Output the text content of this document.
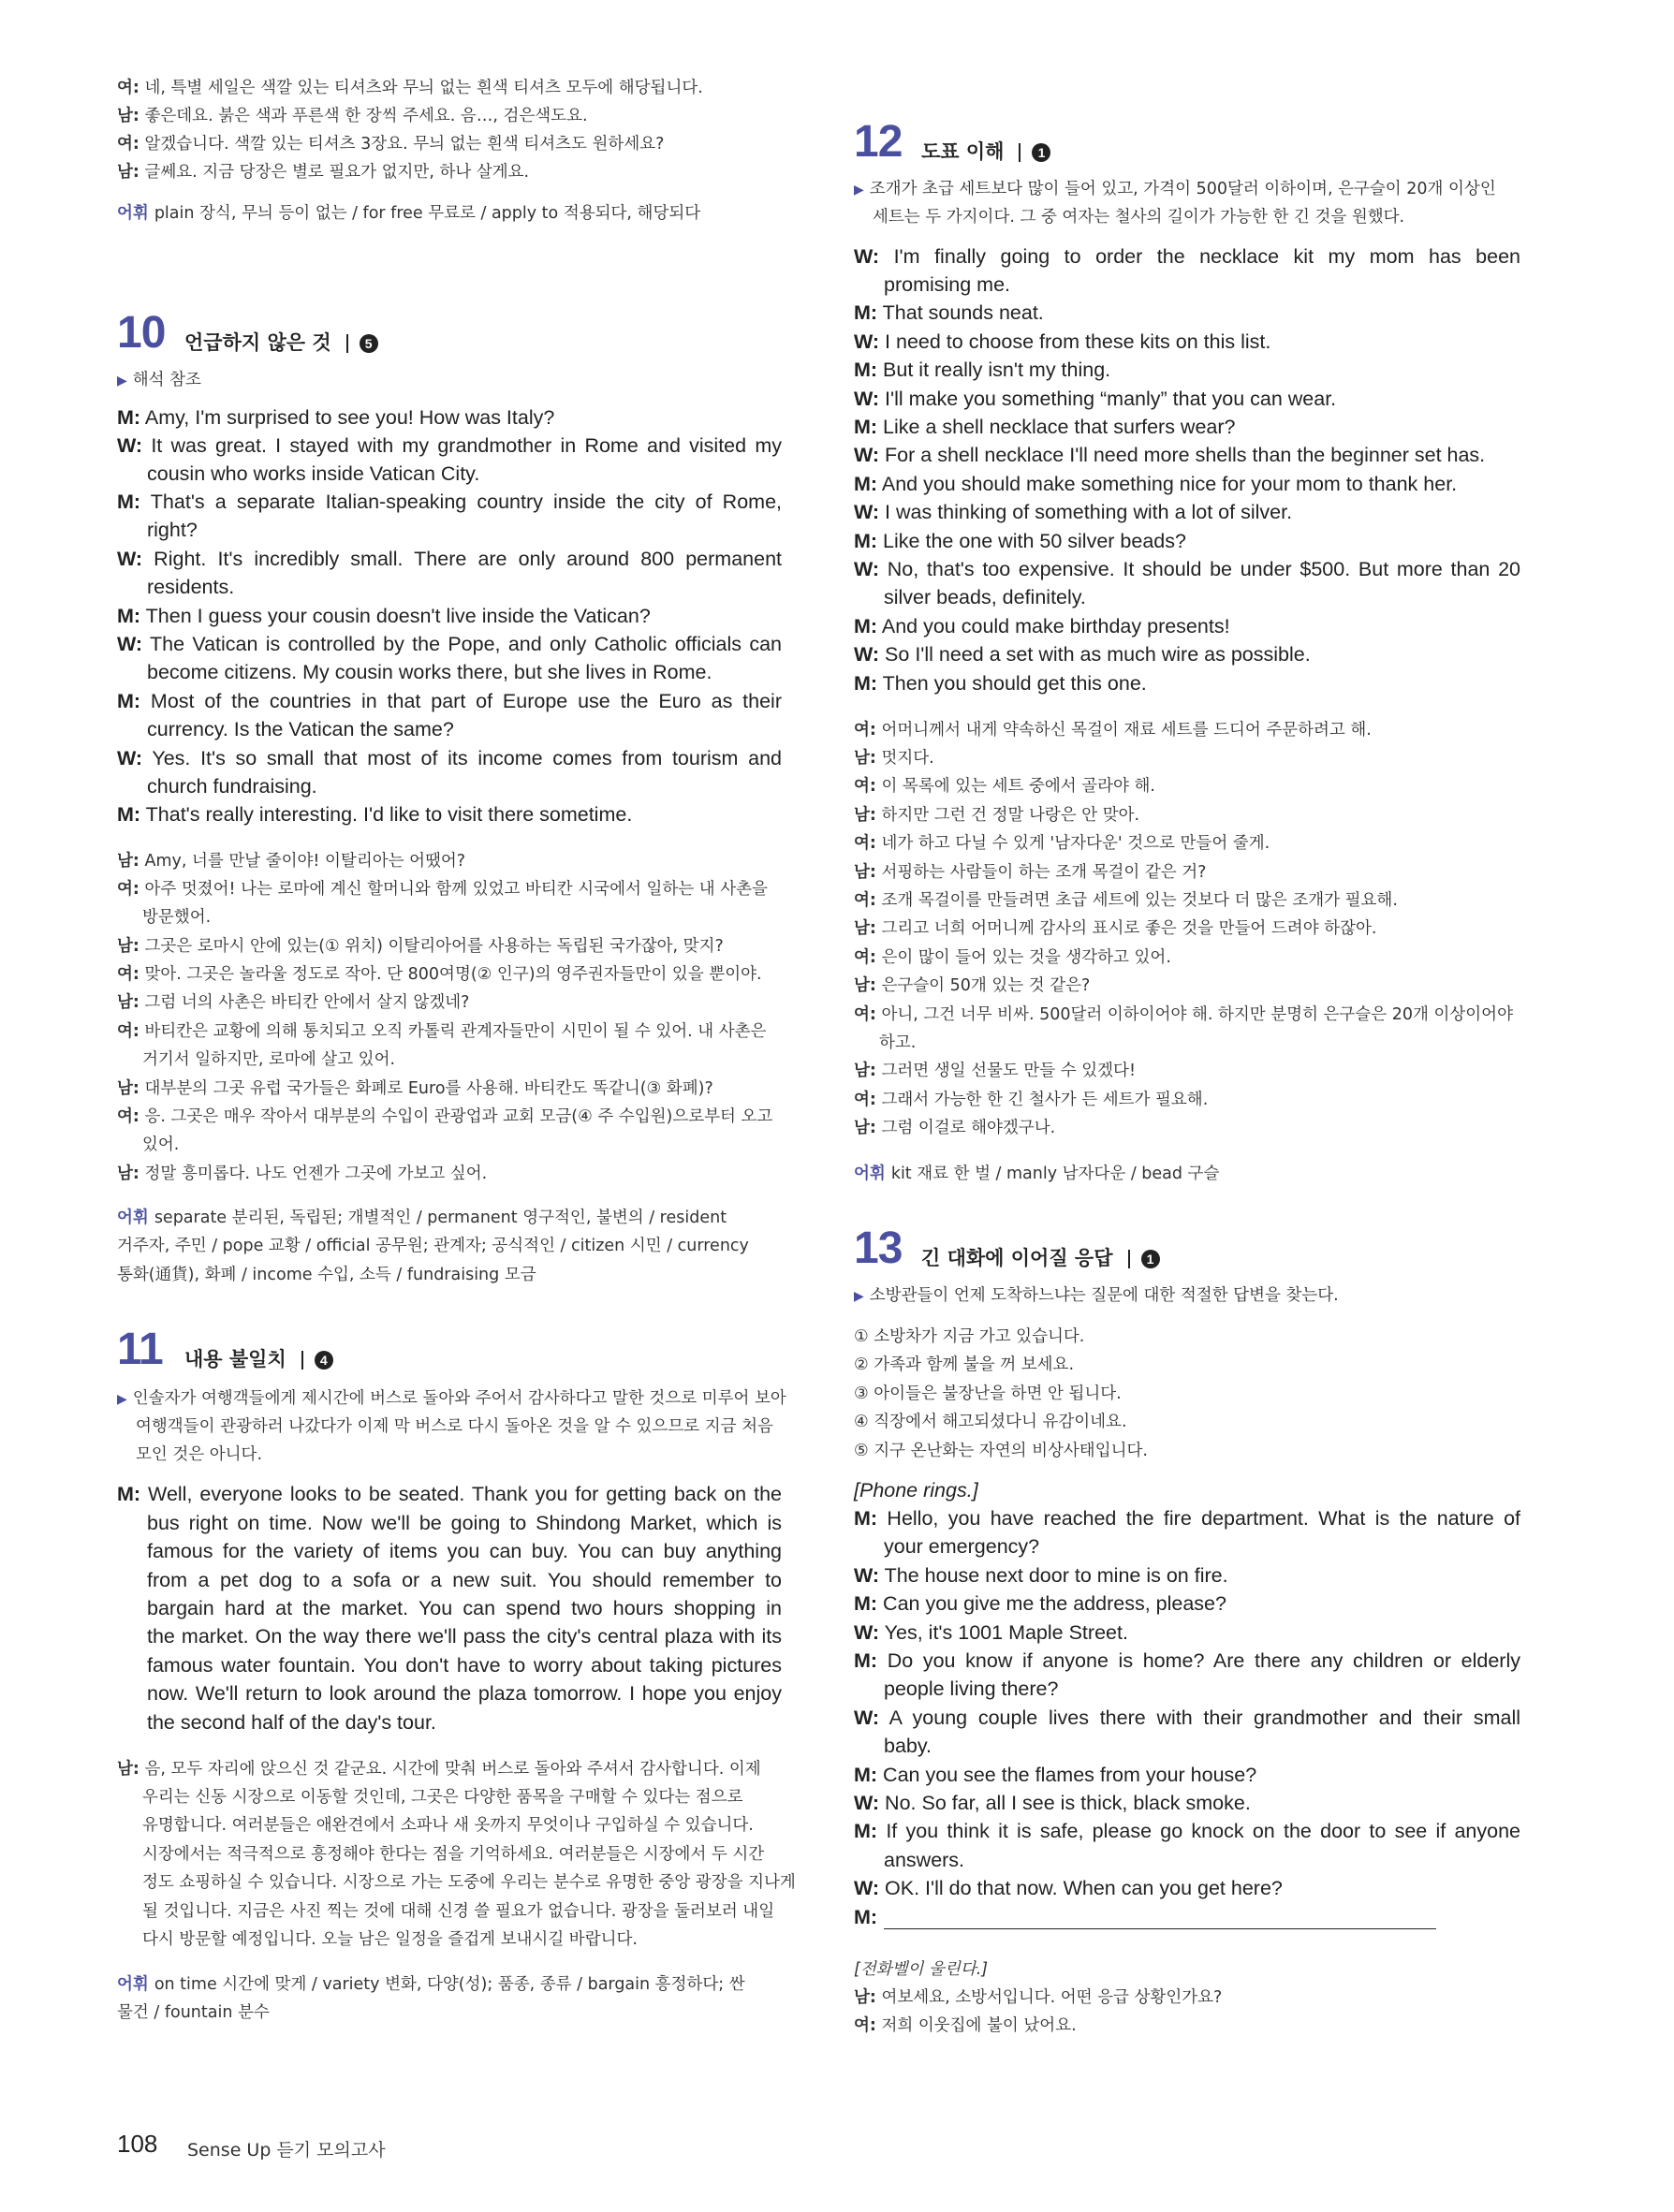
여: 네, 특별 세일은 색깔 있는 티셔츠와 무늬 없는 흰색 티셔츠 모두에 해당됩니다.
남: 좋은데요. 붉은 색과 푸른색 한 장씩 주세요. 음…, 검은색도요.
여: 알겠습니다. 색깔 있는 티셔츠 3장요. 무늬 없는 흰색 티셔츠도 원하세요?
남: 글쎄요. 지금 당장은 별로 필요가 없지만, 하나 살게요.
어휘 plain 장식, 무늬 등이 없는 / for free 무료로 / apply to 적용되다, 해당되다
10 언급하지 않은 것	5
▶ 해석 참조
M: Amy, I'm surprised to see you! How was Italy?
W: It was great. I stayed with my grandmother in Rome and visited my
cousin who works inside Vatican City.
M: That's a separate Italian-speaking country inside the city of Rome,
right?
W: Right. It's incredibly small. There are only around 800 permanent
residents.
M: Then I guess your cousin doesn't live inside the Vatican?
W: The Vatican is controlled by the Pope, and only Catholic officials can
become citizens. My cousin works there, but she lives in Rome.
M: Most of the countries in that part of Europe use the Euro as their
currency. Is the Vatican the same?
W: Yes. It's so small that most of its income comes from tourism and
church fundraising.
M: That's really interesting. I'd like to visit there sometime.
남: Amy, 너를 만날 줄이야! 이탈리아는 어땠어?
여: 아주 멋졌어! 나는 로마에 계신 할머니와 함께 있었고 바티칸 시국에서 일하는 내 사촌을
방문했어.
남: 그곳은 로마시 안에 있는(① 위치) 이탈리아어를 사용하는 독립된 국가잖아, 맞지?
여: 맞아. 그곳은 놀라울 정도로 작아. 단 800여명(② 인구)의 영주권자들만이 있을 뿐이야.
남: 그럼 너의 사촌은 바티칸 안에서 살지 않겠네?
여: 바티칸은 교황에 의해 통치되고 오직 카톨릭 관계자들만이 시민이 될 수 있어. 내 사촌은
거기서 일하지만, 로마에 살고 있어.
남: 대부분의 그곳 유럽 국가들은 화폐로 Euro를 사용해. 바티칸도 똑같니(③ 화폐)?
여: 응. 그곳은 매우 작아서 대부분의 수입이 관광업과 교회 모금(④ 주 수입원)으로부터 오고
있어.
남: 정말 흥미롭다. 나도 언젠가 그곳에 가보고 싶어.
어휘 separate 분리된, 독립된; 개별적인 / permanent 영구적인, 불변의 / resident
거주자, 주민 / pope 교황 / official 공무원; 관계자; 공식적인 / citizen 시민 / currency
통화(通貨), 화폐 / income 수입, 소득 / fundraising 모금
11 내용 불일치	4
▶ 인솔자가 여행객들에게 제시간에 버스로 돌아와 주어서 감사하다고 말한 것으로 미루어 보아
여행객들이 관광하러 나갔다가 이제 막 버스로 다시 돌아온 것을 알 수 있으므로 지금 처음
모인 것은 아니다.
M: Well, everyone looks to be seated. Thank you for getting back on the
bus right on time. Now we'll be going to Shindong Market, which is
famous for the variety of items you can buy. You can buy anything
from a pet dog to a sofa or a new suit. You should remember to
bargain hard at the market. You can spend two hours shopping in
the market. On the way there we'll pass the city's central plaza with its
famous water fountain. You don't have to worry about taking pictures
now. We'll return to look around the plaza tomorrow. I hope you enjoy
the second half of the day's tour.
남: 음, 모두 자리에 앉으신 것 같군요. 시간에 맞춰 버스로 돌아와 주셔서 감사합니다. 이제
우리는 신동 시장으로 이동할 것인데, 그곳은 다양한 품목을 구매할 수 있다는 점으로
유명합니다. 여러분들은 애완견에서 소파나 새 옷까지 무엇이나 구입하실 수 있습니다.
시장에서는 적극적으로 흥정해야 한다는 점을 기억하세요. 여러분들은 시장에서 두 시간
정도 쇼핑하실 수 있습니다. 시장으로 가는 도중에 우리는 분수로 유명한 중앙 광장을 지나게
될 것입니다. 지금은 사진 찍는 것에 대해 신경 쓸 필요가 없습니다. 광장을 둘러보러 내일
다시 방문할 예정입니다. 오늘 남은 일정을 즐겁게 보내시길 바랍니다.
어휘 on time 시간에 맞게 / variety 변화, 다양(성); 품종, 종류 / bargain 흥정하다; 싼
물건 / fountain 분수
12 도표 이해	1
▶ 조개가 초급 세트보다 많이 들어 있고, 가격이 500달러 이하이며, 은구슬이 20개 이상인
세트는 두 가지이다. 그 중 여자는 철사의 길이가 가능한 한 긴 것을 원했다.
W: I'm finally going to order the necklace kit my mom has been
promising me.
M: That sounds neat.
W: I need to choose from these kits on this list.
M: But it really isn't my thing.
W: I'll make you something “manly” that you can wear.
M: Like a shell necklace that surfers wear?
W: For a shell necklace I'll need more shells than the beginner set has.
M: And you should make something nice for your mom to thank her.
W: I was thinking of something with a lot of silver.
M: Like the one with 50 silver beads?
W: No, that's too expensive. It should be under $500. But more than 20
silver beads, definitely.
M: And you could make birthday presents!
W: So I'll need a set with as much wire as possible.
M: Then you should get this one.
여: 어머니께서 내게 약속하신 목걸이 재료 세트를 드디어 주문하려고 해.
남: 멋지다.
여: 이 목록에 있는 세트 중에서 골라야 해.
남: 하지만 그런 건 정말 나랑은 안 맞아.
여: 네가 하고 다닐 수 있게 '남자다운' 것으로 만들어 줄게.
남: 서핑하는 사람들이 하는 조개 목걸이 같은 거?
여: 조개 목걸이를 만들려면 초급 세트에 있는 것보다 더 많은 조개가 필요해.
남: 그리고 너희 어머니께 감사의 표시로 좋은 것을 만들어 드려야 하잖아.
여: 은이 많이 들어 있는 것을 생각하고 있어.
남: 은구슬이 50개 있는 것 같은?
여: 아니, 그건 너무 비싸. 500달러 이하이어야 해. 하지만 분명히 은구슬은 20개 이상이어야
하고.
남: 그러면 생일 선물도 만들 수 있겠다!
여: 그래서 가능한 한 긴 철사가 든 세트가 필요해.
남: 그럼 이걸로 해야겠구나.
어휘 kit 재료 한 벌 / manly 남자다운 / bead 구슬
13 긴 대화에 이어질 응답	1
▶ 소방관들이 언제 도착하느냐는 질문에 대한 적절한 답변을 찾는다.
① 소방차가 지금 가고 있습니다.
② 가족과 함께 불을 꺼 보세요.
③ 아이들은 불장난을 하면 안 됩니다.
④ 직장에서 해고되셨다니 유감이네요.
⑤ 지구 온난화는 자연의 비상사태입니다.
[Phone rings.]
M: Hello, you have reached the fire department. What is the nature of
your emergency?
W: The house next door to mine is on fire.
M: Can you give me the address, please?
W: Yes, it's 1001 Maple Street.
M: Do you know if anyone is home? Are there any children or elderly
people living there?
W: A young couple lives there with their grandmother and their small
baby.
M: Can you see the flames from your house?
W: No. So far, all I see is thick, black smoke.
M: If you think it is safe, please go knock on the door to see if anyone
answers.
W: OK. I'll do that now. When can you get here?
M:
[전화벨이 울린다.]
남: 여보세요, 소방서입니다. 어떤 응급 상황인가요?
여: 저희 이웃집에 불이 났어요.
108 Sense Up 듣기 모의고사
